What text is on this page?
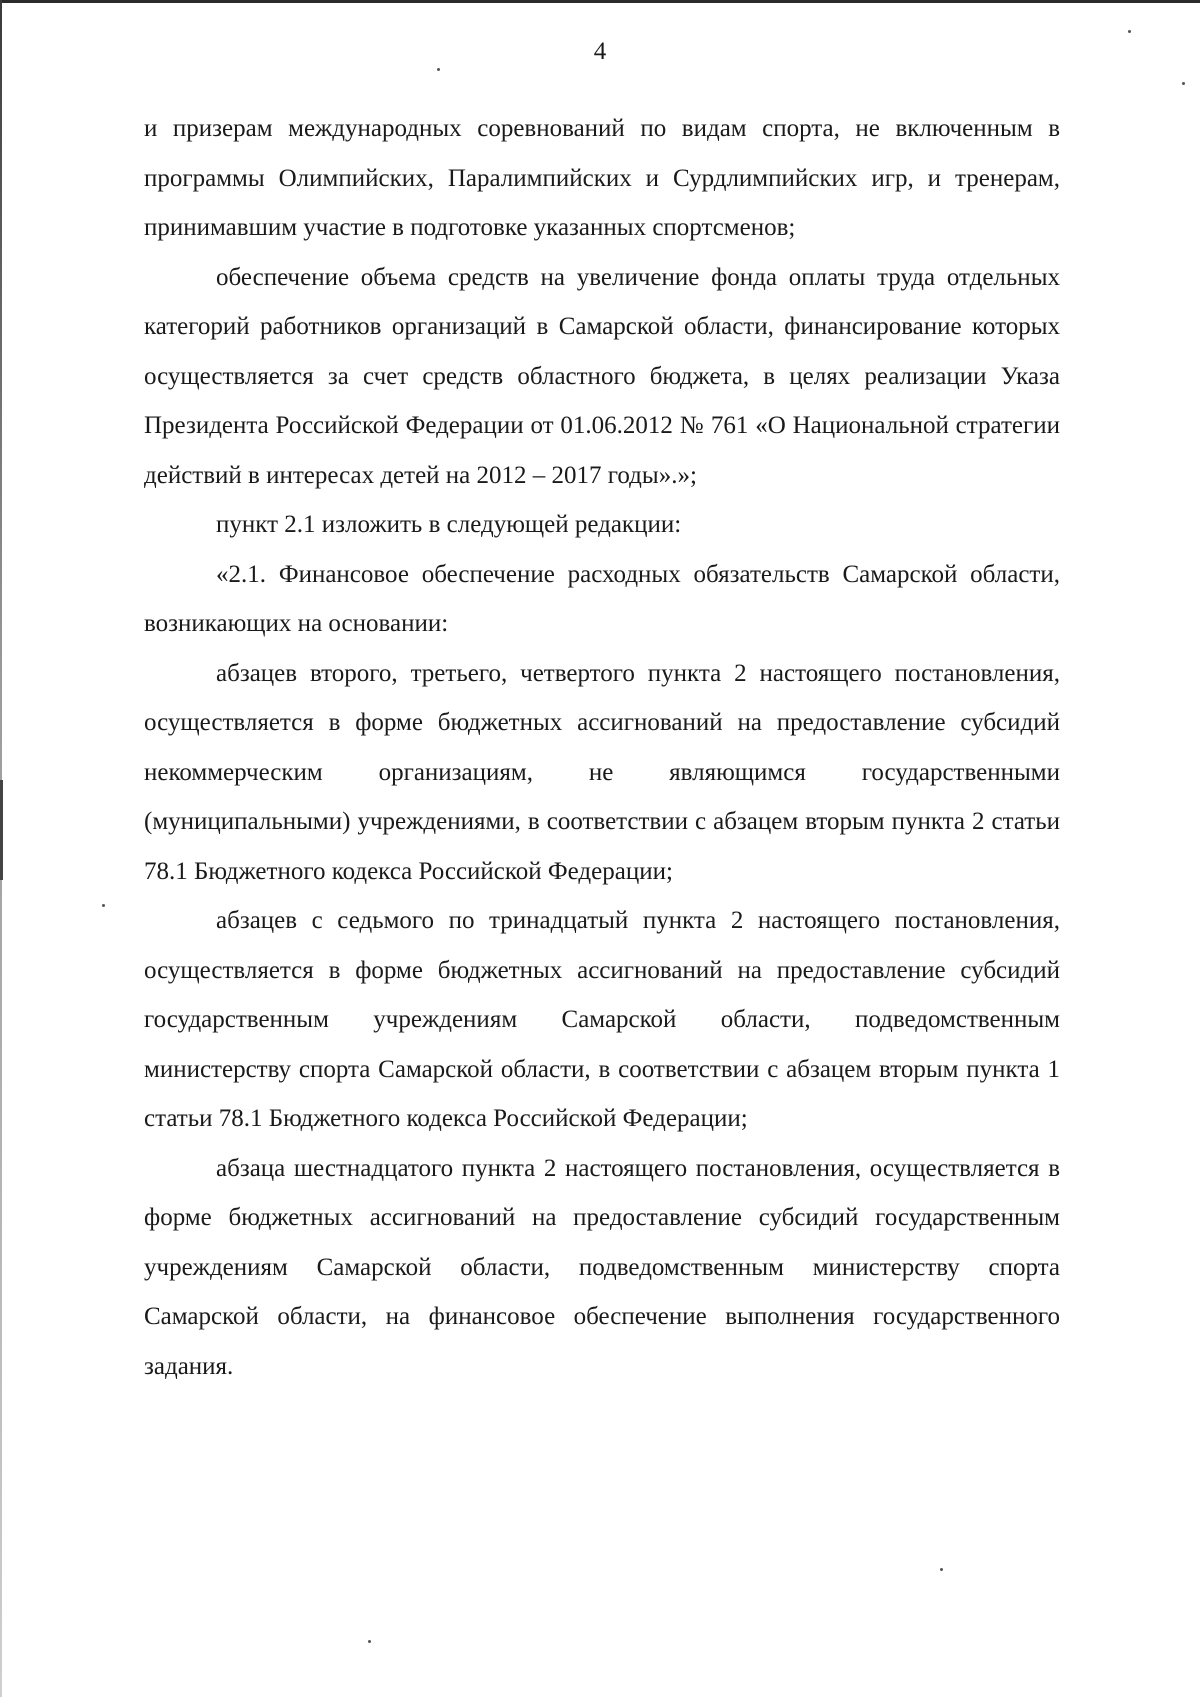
4

и призерам международных соревнований по видам спорта, не включенным в программы Олимпийских, Паралимпийских и Сурдлимпийских игр, и тренерам, принимавшим участие в подготовке указанных спортсменов;

обеспечение объема средств на увеличение фонда оплаты труда отдельных категорий работников организаций в Самарской области, финансирование которых осуществляется за счет средств областного бюджета, в целях реализации Указа Президента Российской Федерации от 01.06.2012 № 761 «О Национальной стратегии действий в интересах детей на 2012 – 2017 годы».»;

пункт 2.1 изложить в следующей редакции:

«2.1. Финансовое обеспечение расходных обязательств Самарской области, возникающих на основании:

абзацев второго, третьего, четвертого пункта 2 настоящего постановления, осуществляется в форме бюджетных ассигнований на предоставление субсидий некоммерческим организациям, не являющимся государственными (муниципальными) учреждениями, в соответствии с абзацем вторым пункта 2 статьи 78.1 Бюджетного кодекса Российской Федерации;

абзацев с седьмого по тринадцатый пункта 2 настоящего постановления, осуществляется в форме бюджетных ассигнований на предоставление субсидий государственным учреждениям Самарской области, подведомственным министерству спорта Самарской области, в соответствии с абзацем вторым пункта 1 статьи 78.1 Бюджетного кодекса Российской Федерации;

абзаца шестнадцатого пункта 2 настоящего постановления, осуществляется в форме бюджетных ассигнований на предоставление субсидий государственным учреждениям Самарской области, подведомственным министерству спорта Самарской области, на финансовое обеспечение выполнения государственного задания.
